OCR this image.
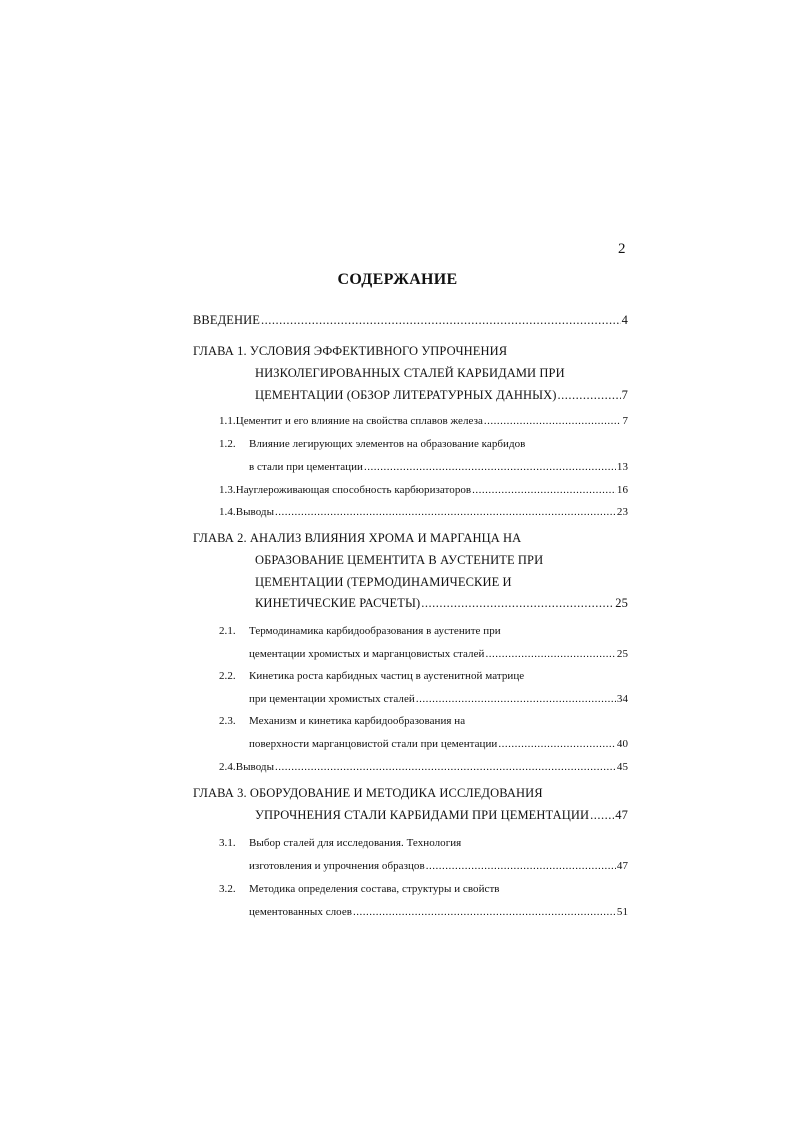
2
СОДЕРЖАНИЕ
ВВЕДЕНИЕ .....	4
ГЛАВА 1. УСЛОВИЯ ЭФФЕКТИВНОГО УПРОЧНЕНИЯ
НИЗКОЛЕГИРОВАННЫХ СТАЛЕЙ КАРБИДАМИ ПРИ
ЦЕМЕНТАЦИИ (ОБЗОР ЛИТЕРАТУРНЫХ ДАННЫХ) .....	7
1.1. Цементит и его влияние на свойства сплавов железа .....	7
1.2.	Влияние легирующих элементов на образование карбидов
в стали при цементации .....	13
1.3. Науглероживающая способность карбюризаторов .....	16
1.4. Выводы .....	23
ГЛАВА 2. АНАЛИЗ ВЛИЯНИЯ ХРОМА И МАРГАНЦА НА
ОБРАЗОВАНИЕ ЦЕМЕНТИТА В АУСТЕНИТЕ ПРИ
ЦЕМЕНТАЦИИ (ТЕРМОДИНАМИЧЕСКИЕ И
КИНЕТИЧЕСКИЕ РАСЧЕТЫ) .....	25
2.1.	Термодинамика карбидообразования в аустените при
цементации хромистых и марганцовистых сталей .....	25
2.2.	Кинетика роста карбидных частиц в аустенитной матрице
при цементации хромистых сталей .....	34
2.3.	Механизм и кинетика карбидообразования на
поверхности марганцовистой стали при цементации .....	40
2.4. Выводы .....	45
ГЛАВА 3. ОБОРУДОВАНИЕ И МЕТОДИКА ИССЛЕДОВАНИЯ
УПРОЧНЕНИЯ СТАЛИ КАРБИДАМИ ПРИ ЦЕМЕНТАЦИИ ..... 47
3.1.	Выбор сталей для исследования. Технология
изготовления и упрочнения образцов .....	47
3.2.	Методика определения состава, структуры и свойств
цементованных слоев .....	51
